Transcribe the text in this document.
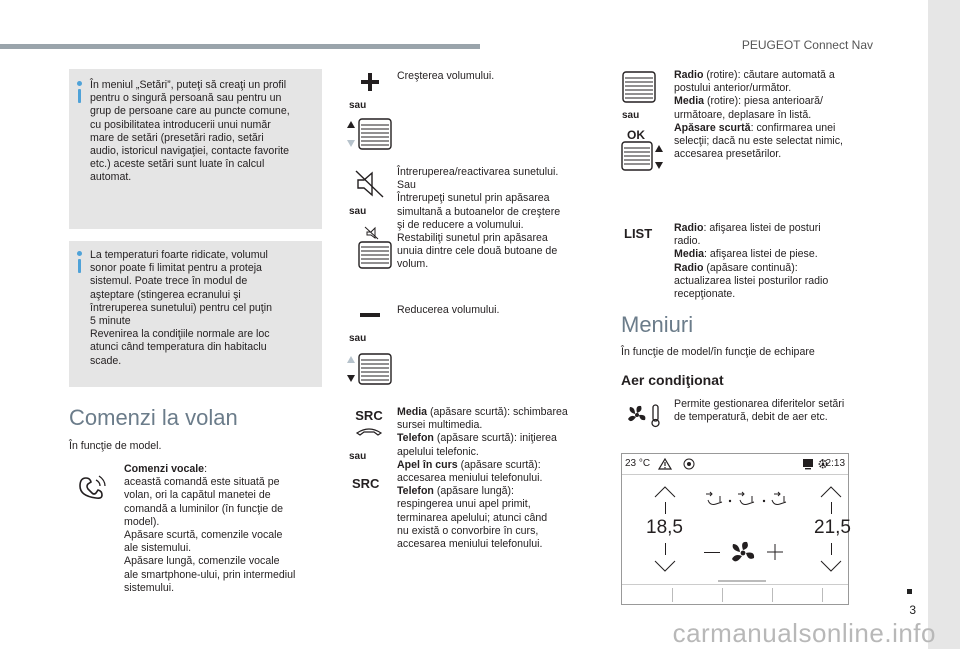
PEUGEOT Connect Nav
3
carmanualsonline.info
În meniul „Setări”, puteţi să creaţi un profil
pentru o singură persoană sau pentru un
grup de persoane care au puncte comune,
cu posibilitatea introducerii unui număr
mare de setări (presetări radio, setări
audio, istoricul navigaţiei, contacte favorite
etc.) aceste setări sunt luate în calcul
automat.
La temperaturi foarte ridicate, volumul
sonor poate fi limitat pentru a proteja
sistemul. Poate trece în modul de
aşteptare (stingerea ecranului şi
întreruperea sunetului) pentru cel puţin
5 minute
Revenirea la condiţiile normale are loc
atunci când temperatura din habitaclu
scade.
Comenzi la volan
În funcţie de model.
Comenzi vocale:
această comandă este situată pe
volan, ori la capătul manetei de
comandă a luminilor (în funcţie de
model).
Apăsare scurtă, comenzile vocale
ale sistemului.
Apăsare lungă, comenzile vocale
ale smartphone-ului, prin intermediul
sistemului.
sau
Creşterea volumului.
sau
Întreruperea/reactivarea sunetului.
Sau
Întrerupeţi sunetul prin apăsarea
simultană a butoanelor de creştere
şi de reducere a volumului.
Restabiliţi sunetul prin apăsarea
unuia dintre cele două butoane de
volum.
sau
Reducerea volumului.
SRC
sau
SRC
Media (apăsare scurtă): schimbarea
sursei multimedia.
Telefon (apăsare scurtă): iniţierea
apelului telefonic.
Apel în curs (apăsare scurtă):
accesarea meniului telefonului.
Telefon (apăsare lungă):
respingerea unui apel primit,
terminarea apelului; atunci când
nu există o convorbire în curs,
accesarea meniului telefonului.
sau
OK
Radio (rotire): căutare automată a
postului anterior/următor.
Media (rotire): piesa anterioară/
următoare, deplasare în listă.
Apăsare scurtă: confirmarea unei
selecţii; dacă nu este selectat nimic,
accesarea presetărilor.
LIST Radio: afişarea listei de posturi
radio.
Media: afişarea listei de piese.
Radio (apăsare continuă):
actualizarea listei posturilor radio
recepţionate.
Meniuri
În funcţie de model/în funcţie de echipare
Aer condiţionat
Permite gestionarea diferitelor setări
de temperatură, debit de aer etc.
23 °C	12:13
18,5	21,5
